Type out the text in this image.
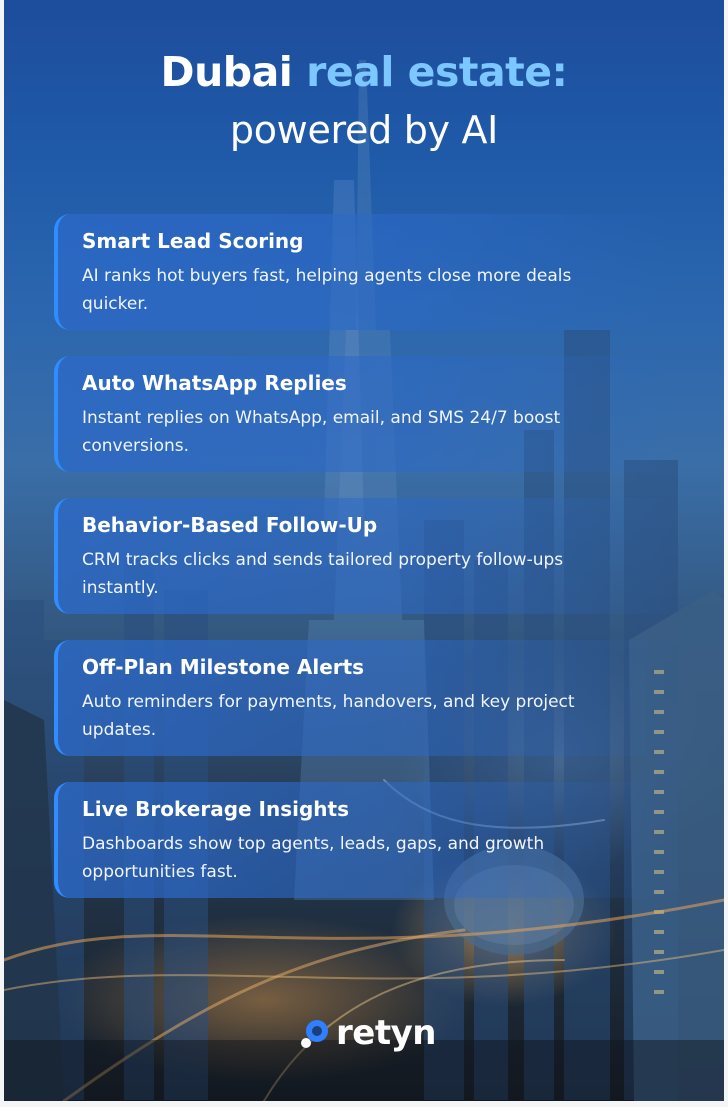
Dubai real estate:
powered by AI
Smart Lead Scoring
AI ranks hot buyers fast, helping agents close more deals quicker.
Auto WhatsApp Replies
Instant replies on WhatsApp, email, and SMS 24/7 boost conversions.
Behavior-Based Follow-Up
CRM tracks clicks and sends tailored property follow-ups instantly.
Off-Plan Milestone Alerts
Auto reminders for payments, handovers, and key project updates.
Live Brokerage Insights
Dashboards show top agents, leads, gaps, and growth opportunities fast.
retyn
